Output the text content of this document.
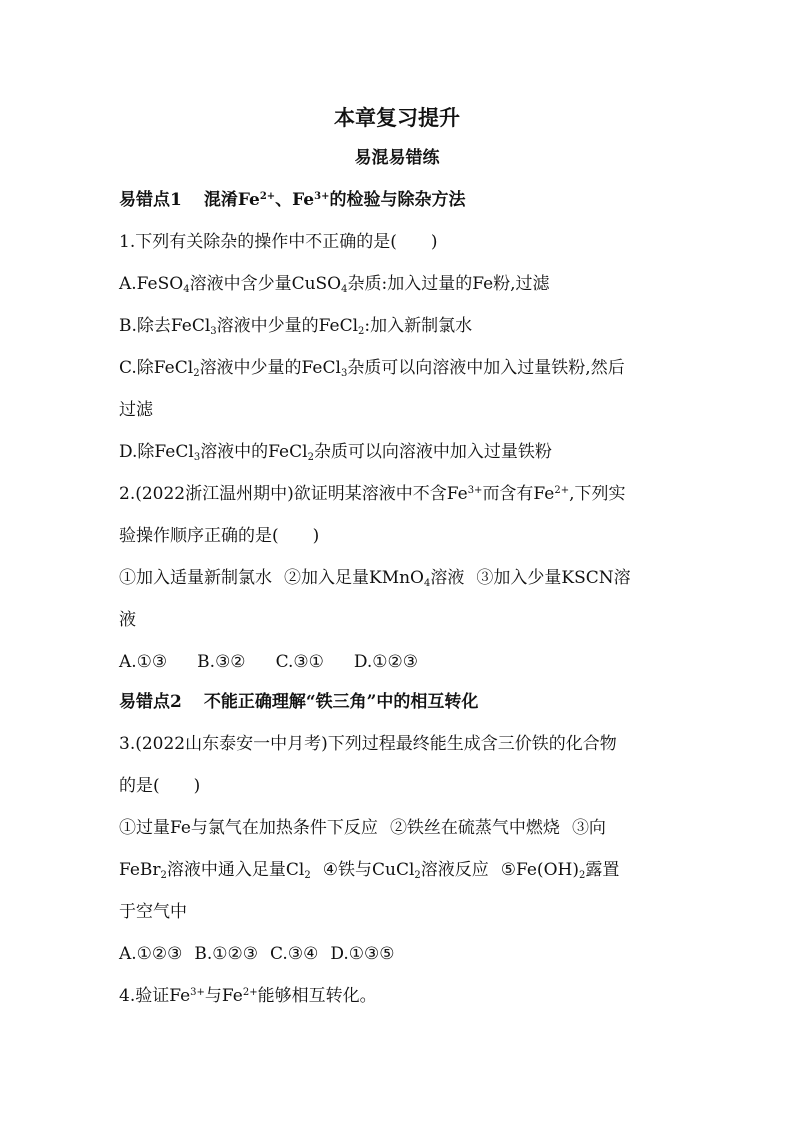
本章复习提升
易混易错练
易错点1 混淆$Fe^{2+}$、$Fe^{3+}$的检验与除杂方法
1.下列有关除杂的操作中不正确的是(　　)
A.FeSO$_4$溶液中含少量CuSO$_4$杂质:加入过量的Fe粉,过滤
B.除去FeCl$_3$溶液中少量的FeCl$_2$:加入新制氯水
C.除FeCl$_2$溶液中少量的FeCl$_3$杂质可以向溶液中加入过量铁粉,然后
过滤
D.除FeCl$_3$溶液中的FeCl$_2$杂质可以向溶液中加入过量铁粉
2.(2022浙江温州期中)欲证明某溶液中不含$Fe^{3+}$而含有$Fe^{2+}$,下列实
验操作顺序正确的是(　　)
①加入适量新制氯水 ②加入足量KMnO$_4$溶液 ③加入少量KSCN溶
液
A.①③ B.③② C.③① D.①②③
易错点2 不能正确理解“铁三角”中的相互转化
3.(2022山东泰安一中月考)下列过程最终能生成含三价铁的化合物
的是(　　)
①过量Fe与氯气在加热条件下反应 ②铁丝在硫蒸气中燃烧 ③向
FeBr$_2$溶液中通入足量$Cl_2$ ④铁与CuCl$_2$溶液反应 $⑤Fe(OH)_2$露置
于空气中
A.①②③ B.①②③ C.③④ D.①③⑤
4.验证$Fe^{3+}$与$Fe^{2+}$能够相互转化。
